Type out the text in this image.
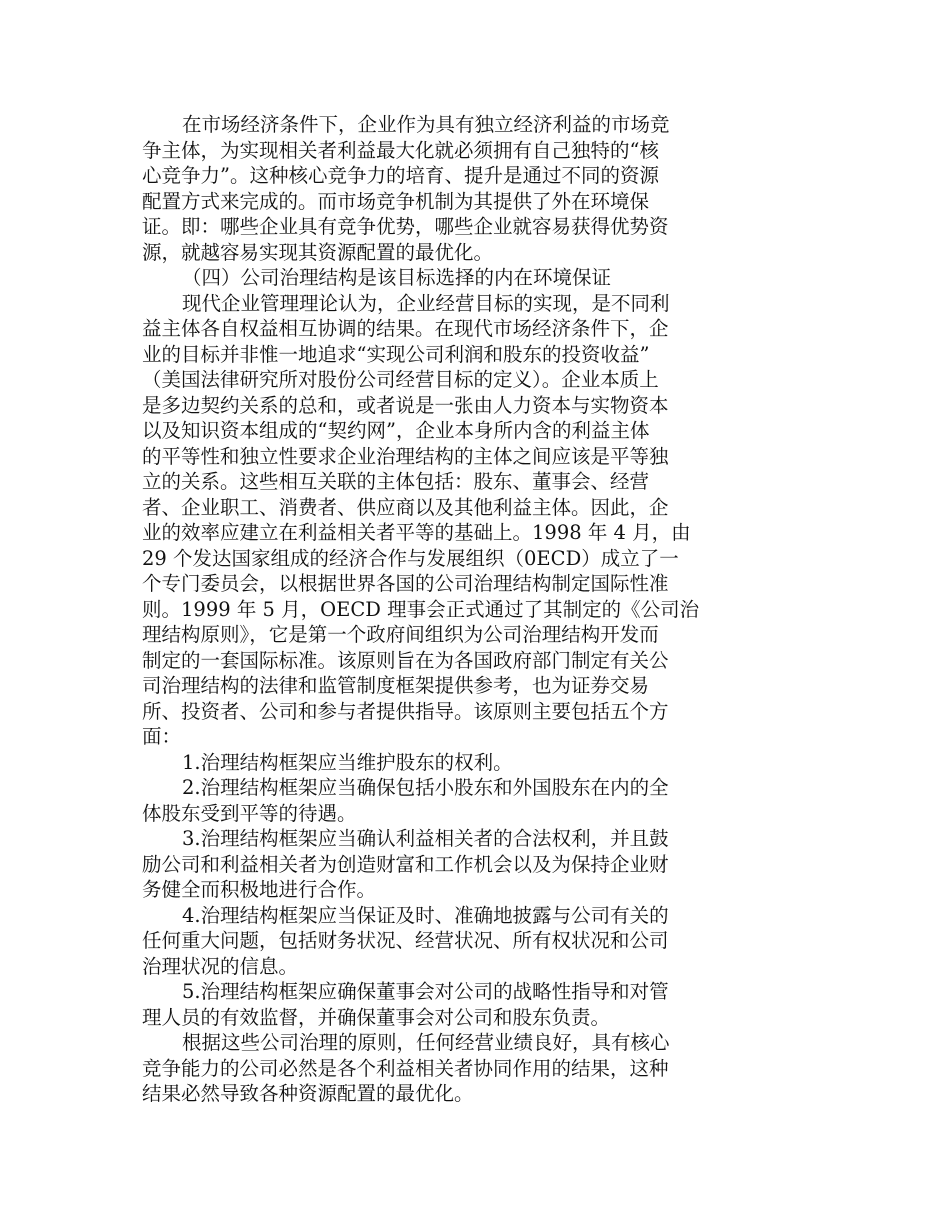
在市场经济条件下，企业作为具有独立经济利益的市场竞
争主体，为实现相关者利益最大化就必须拥有自己独特的“核
心竞争力”。这种核心竞争力的培育、提升是通过不同的资源
配置方式来完成的。而市场竞争机制为其提供了外在环境保
证。即：哪些企业具有竞争优势，哪些企业就容易获得优势资
源，就越容易实现其资源配置的最优化。
（四）公司治理结构是该目标选择的内在环境保证
现代企业管理理论认为，企业经营目标的实现，是不同利
益主体各自权益相互协调的结果。在现代市场经济条件下，企
业的目标并非惟一地追求“实现公司利润和股东的投资收益”
（美国法律研究所对股份公司经营目标的定义）。企业本质上
是多边契约关系的总和，或者说是一张由人力资本与实物资本
以及知识资本组成的“契约网”，企业本身所内含的利益主体
的平等性和独立性要求企业治理结构的主体之间应该是平等独
立的关系。这些相互关联的主体包括：股东、董事会、经营
者、企业职工、消费者、供应商以及其他利益主体。因此，企
业的效率应建立在利益相关者平等的基础上。1998 年 4 月，由
29 个发达国家组成的经济合作与发展组织（0ECD）成立了一
个专门委员会，以根据世界各国的公司治理结构制定国际性准
则。1999 年 5 月，OECD 理事会正式通过了其制定的《公司治
理结构原则》，它是第一个政府间组织为公司治理结构开发而
制定的一套国际标准。该原则旨在为各国政府部门制定有关公
司治理结构的法律和监管制度框架提供参考，也为证券交易
所、投资者、公司和参与者提供指导。该原则主要包括五个方
面：
1.治理结构框架应当维护股东的权利。
2.治理结构框架应当确保包括小股东和外国股东在内的全
体股东受到平等的待遇。
3.治理结构框架应当确认利益相关者的合法权利，并且鼓
励公司和利益相关者为创造财富和工作机会以及为保持企业财
务健全而积极地进行合作。
4.治理结构框架应当保证及时、准确地披露与公司有关的
任何重大问题，包括财务状况、经营状况、所有权状况和公司
治理状况的信息。
5.治理结构框架应确保董事会对公司的战略性指导和对管
理人员的有效监督，并确保董事会对公司和股东负责。
根据这些公司治理的原则，任何经营业绩良好，具有核心
竞争能力的公司必然是各个利益相关者协同作用的结果，这种
结果必然导致各种资源配置的最优化。
